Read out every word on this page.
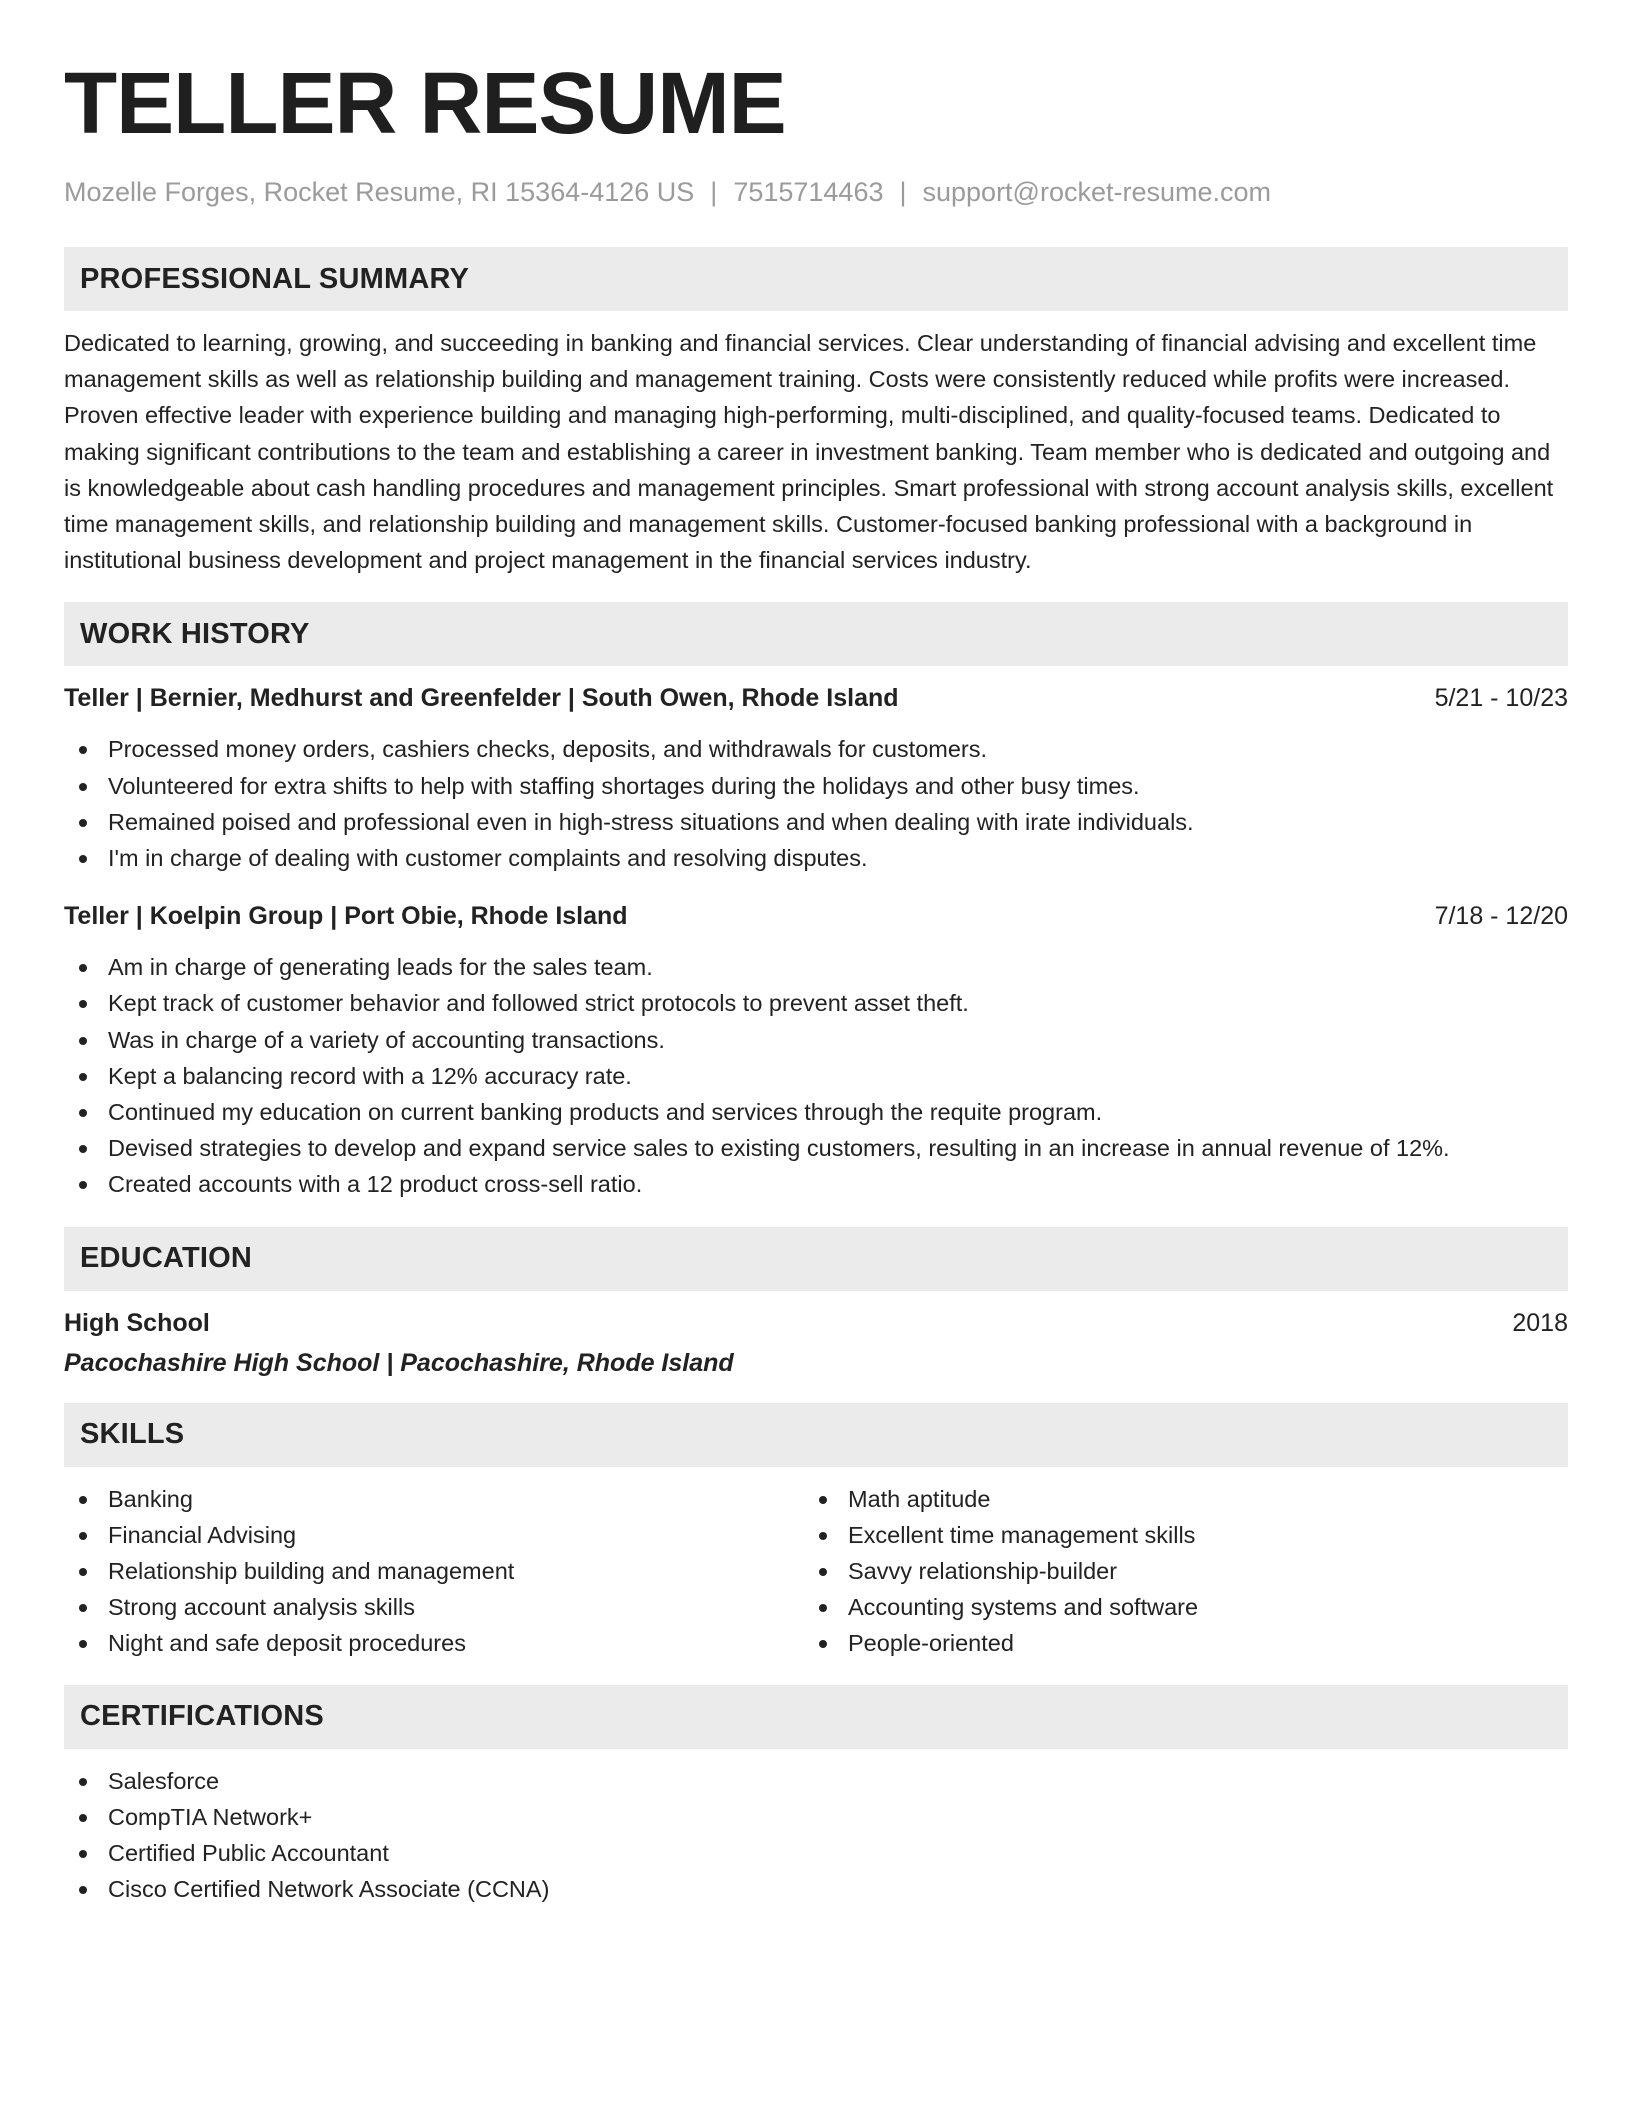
TELLER RESUME
Mozelle Forges, Rocket Resume, RI 15364-4126 US | 7515714463 | support@rocket-resume.com
PROFESSIONAL SUMMARY

Dedicated to learning, growing, and succeeding in banking and financial services. Clear understanding of financial advising and excellent time management skills as well as relationship building and management training. Costs were consistently reduced while profits were increased. Proven effective leader with experience building and managing high-performing, multi-disciplined, and quality-focused teams. Dedicated to making significant contributions to the team and establishing a career in investment banking. Team member who is dedicated and outgoing and is knowledgeable about cash handling procedures and management principles. Smart professional with strong account analysis skills, excellent time management skills, and relationship building and management skills. Customer-focused banking professional with a background in institutional business development and project management in the financial services industry.

WORK HISTORY
Teller | Bernier, Medhurst and Greenfelder | South Owen, Rhode Island	5/21 - 10/23
Processed money orders, cashiers checks, deposits, and withdrawals for customers.
Volunteered for extra shifts to help with staffing shortages during the holidays and other busy times.
Remained poised and professional even in high-stress situations and when dealing with irate individuals.
I'm in charge of dealing with customer complaints and resolving disputes.
Teller | Koelpin Group | Port Obie, Rhode Island	7/18 - 12/20
Am in charge of generating leads for the sales team.
Kept track of customer behavior and followed strict protocols to prevent asset theft.
Was in charge of a variety of accounting transactions.
Kept a balancing record with a 12% accuracy rate.
Continued my education on current banking products and services through the requite program.
Devised strategies to develop and expand service sales to existing customers, resulting in an increase in annual revenue of 12%.
Created accounts with a 12 product cross-sell ratio.
EDUCATION
High School	2018
Pacochashire High School | Pacochashire, Rhode Island
SKILLS
Banking
Financial Advising
Relationship building and management
Strong account analysis skills
Night and safe deposit procedures
Math aptitude
Excellent time management skills
Savvy relationship-builder
Accounting systems and software
People-oriented
CERTIFICATIONS
Salesforce
CompTIA Network+
Certified Public Accountant
Cisco Certified Network Associate (CCNA)
